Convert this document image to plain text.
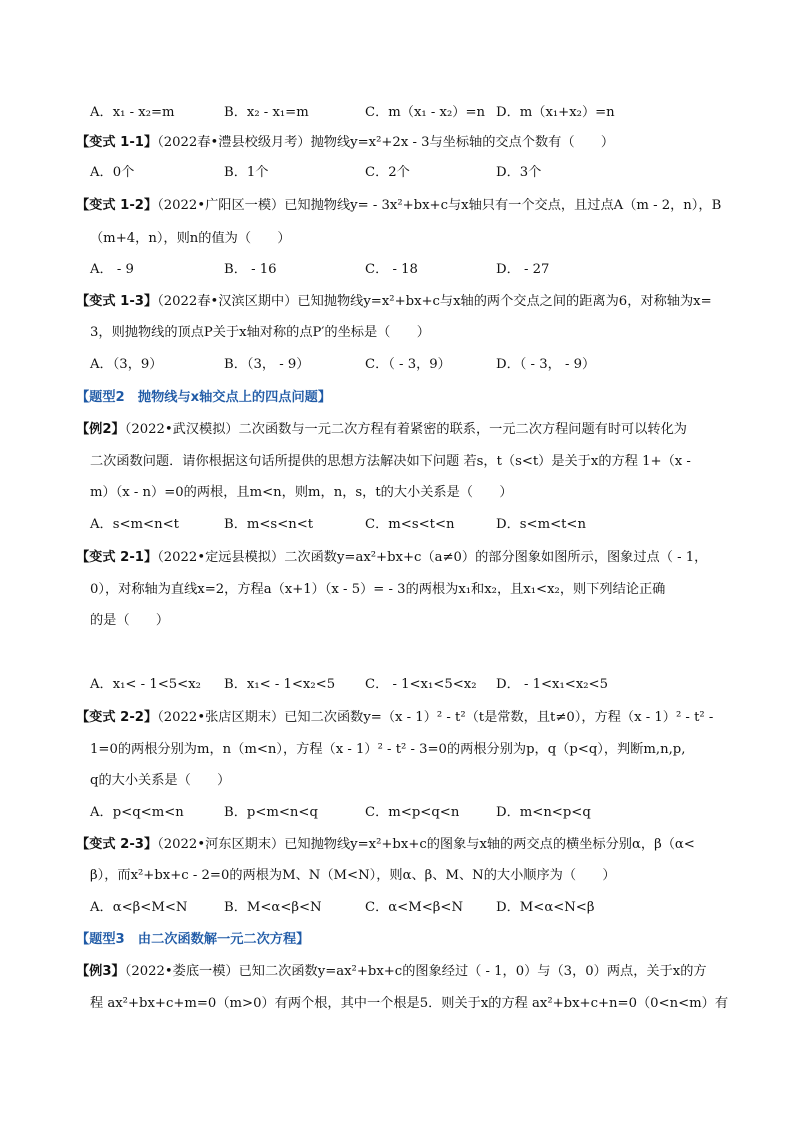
A．x₁ - x₂=m	B．x₂ - x₁=m	C．m（x₁ - x₂）=n D．m（x₁+x₂）=n
【变式 1-1】（2022春•澧县校级月考）抛物线y=x²+2x - 3与坐标轴的交点个数有（　　）
A．0个	B．1个	C．2个	D．3个
【变式 1-2】（2022•广阳区一模）已知抛物线y= - 3x²+bx+c与x轴只有一个交点，且过点A（m - 2，n），B
（m+4，n），则n的值为（　　）
A． - 9	B． - 16	C． - 18	D． - 27
【变式 1-3】（2022春•汉滨区期中）已知抛物线y=x²+bx+c与x轴的两个交点之间的距离为6，对称轴为x=
3，则抛物线的顶点P关于x轴对称的点P′的坐标是（　　）
A．（3，9）	B．（3， - 9）	C．（ - 3，9）	D．（ - 3， - 9）
【题型2　抛物线与x轴交点上的四点问题】
【例2】（2022•武汉模拟）二次函数与一元二次方程有着紧密的联系，一元二次方程问题有时可以转化为
二次函数问题．请你根据这句话所提供的思想方法解决如下问题 若s，t（s<t）是关于x的方程 1+（x -
m）（x - n）=0的两根，且m<n，则m，n，s，t的大小关系是（　　）
A．s<m<n<t	B．m<s<n<t	C．m<s<t<n	D．s<m<t<n
【变式 2-1】（2022•定远县模拟）二次函数y=ax²+bx+c（a≠0）的部分图象如图所示，图象过点（ - 1，
0），对称轴为直线x=2，方程a（x+1）（x - 5）= - 3的两根为x₁和x₂，且x₁<x₂，则下列结论正确
的是（　　）
A．x₁< - 1<5<x₂ B．x₁< - 1<x₂<5 C． - 1<x₁<5<x₂ D． - 1<x₁<x₂<5
【变式 2-2】（2022•张店区期末）已知二次函数y=（x - 1）² - t²（t是常数，且t≠0），方程（x - 1）² - t² -
1=0的两根分别为m，n（m<n），方程（x - 1）² - t² - 3=0的两根分别为p，q（p<q），判断m,n,p,
q的大小关系是（　　）
A．p<q<m<n	B．p<m<n<q	C．m<p<q<n	D．m<n<p<q
【变式 2-3】（2022•河东区期末）已知抛物线y=x²+bx+c的图象与x轴的两交点的横坐标分别α，β（α<
β），而x²+bx+c - 2=0的两根为M、N（M<N），则α、β、M、N的大小顺序为（　　）
A．α<β<M<N	B．M<α<β<N	C．α<M<β<N	D．M<α<N<β
【题型3　由二次函数解一元二次方程】
【例3】（2022•娄底一模）已知二次函数y=ax²+bx+c的图象经过（ - 1，0）与（3，0）两点，关于x的方
程 ax²+bx+c+m=0（m>0）有两个根，其中一个根是5．则关于x的方程 ax²+bx+c+n=0（0<n<m）有
